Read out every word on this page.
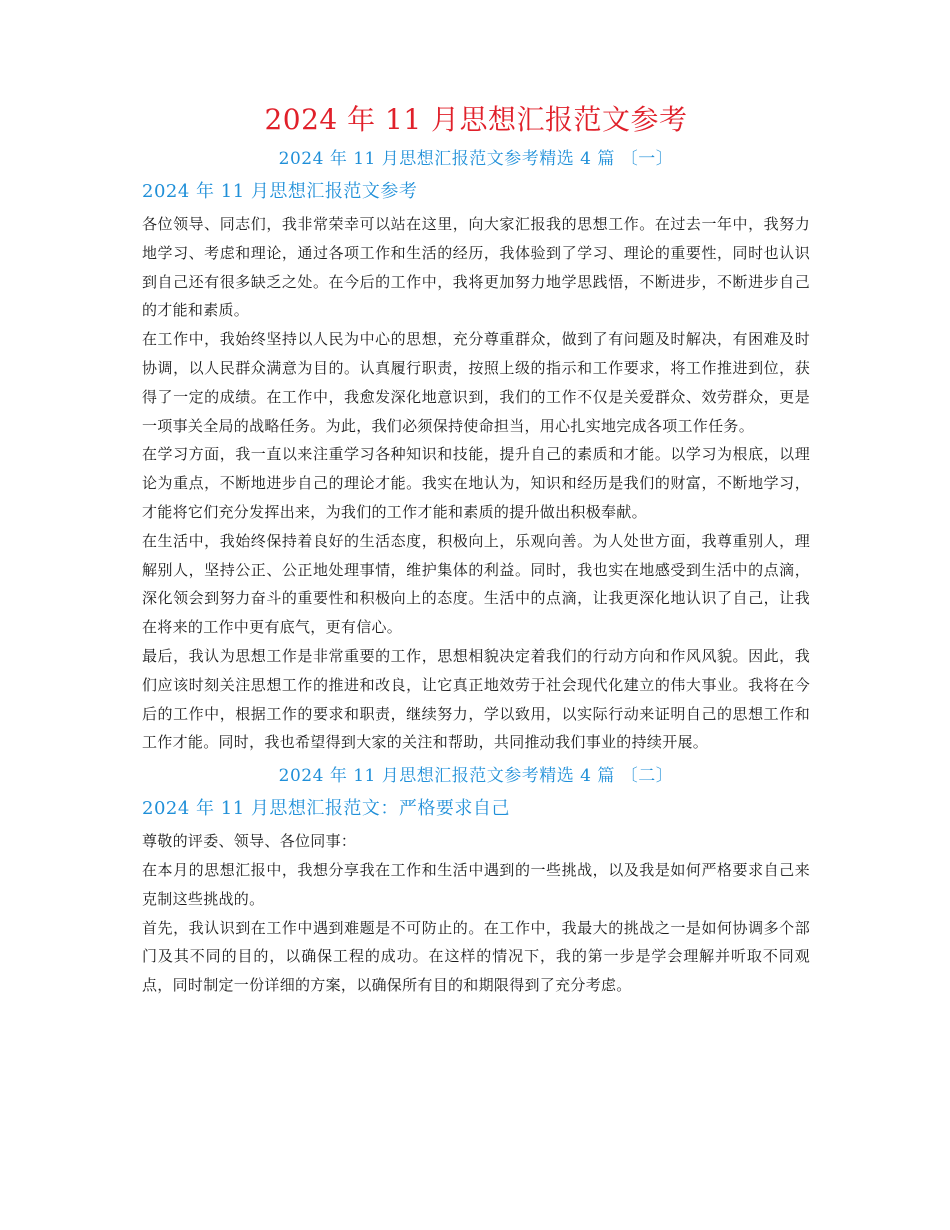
2024 年 11 月思想汇报范文参考
2024 年 11 月思想汇报范文参考精选 4 篇 〔一〕
2024 年 11 月思想汇报范文参考

各位领导、同志们，我非常荣幸可以站在这里，向大家汇报我的思想工作。在过去一年中，我努力地学习、考虑和理论，通过各项工作和生活的经历，我体验到了学习、理论的重要性，同时也认识到自己还有很多缺乏之处。在今后的工作中，我将更加努力地学思践悟，不断进步，不断进步自己的才能和素质。

在工作中，我始终坚持以人民为中心的思想，充分尊重群众，做到了有问题及时解决，有困难及时协调，以人民群众满意为目的。认真履行职责，按照上级的指示和工作要求，将工作推进到位，获得了一定的成绩。在工作中，我愈发深化地意识到，我们的工作不仅是关爱群众、效劳群众，更是一项事关全局的战略任务。为此，我们必须保持使命担当，用心扎实地完成各项工作任务。

在学习方面，我一直以来注重学习各种知识和技能，提升自己的素质和才能。以学习为根底，以理论为重点，不断地进步自己的理论才能。我实在地认为，知识和经历是我们的财富，不断地学习，才能将它们充分发挥出来，为我们的工作才能和素质的提升做出积极奉献。

在生活中，我始终保持着良好的生活态度，积极向上，乐观向善。为人处世方面，我尊重别人，理解别人，坚持公正、公正地处理事情，维护集体的利益。同时，我也实在地感受到生活中的点滴，深化领会到努力奋斗的重要性和积极向上的态度。生活中的点滴，让我更深化地认识了自己，让我在将来的工作中更有底气，更有信心。

最后，我认为思想工作是非常重要的工作，思想相貌决定着我们的行动方向和作风风貌。因此，我们应该时刻关注思想工作的推进和改良，让它真正地效劳于社会现代化建立的伟大事业。我将在今后的工作中，根据工作的要求和职责，继续努力，学以致用，以实际行动来证明自己的思想工作和工作才能。同时，我也希望得到大家的关注和帮助，共同推动我们事业的持续开展。

2024 年 11 月思想汇报范文参考精选 4 篇 〔二〕
2024 年 11 月思想汇报范文：严格要求自己

尊敬的评委、领导、各位同事：

在本月的思想汇报中，我想分享我在工作和生活中遇到的一些挑战，以及我是如何严格要求自己来克制这些挑战的。

首先，我认识到在工作中遇到难题是不可防止的。在工作中，我最大的挑战之一是如何协调多个部门及其不同的目的，以确保工程的成功。在这样的情况下，我的第一步是学会理解并听取不同观点，同时制定一份详细的方案，以确保所有目的和期限得到了充分考虑。
